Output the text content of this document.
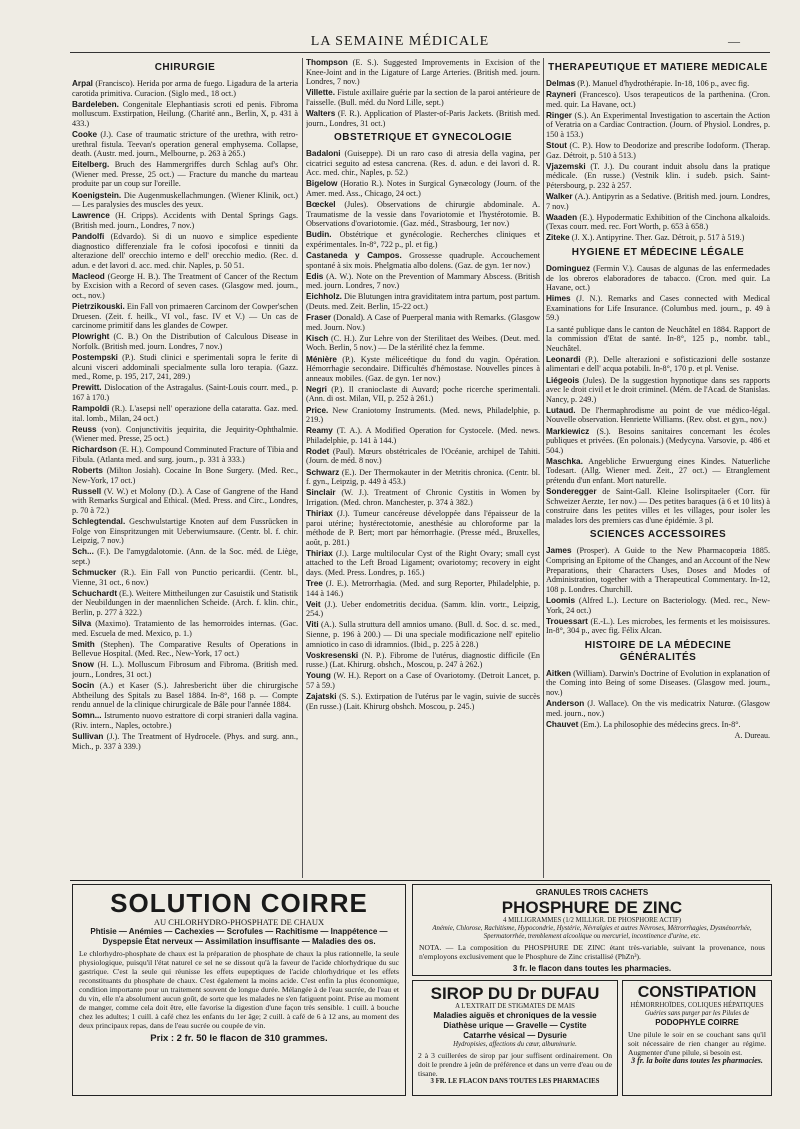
LA SEMAINE MÉDICALE	—
CHIRURGIE
Arpal (Francisco). Herida por arma de fuego. Ligadura de la arteria carotida primitiva. Curacion. (Siglo med., 18 oct.)
Bardeleben. Congenitale Elephantiasis scroti ed penis. Fibroma molluscum. Exstirpation, Heilung. (Charité ann., Berlin, X, p. 431 à 433.)
Cooke (J.). Case of traumatic stricture of the urethra, with retro-urethral fistula. Teevan's operation general emphysema. Collapse, death. (Austr. med. journ., Melbourne, p. 263 à 265.)
Eitelberg. Bruch des Hammergriffes durch Schlag auf's Ohr. (Wiener med. Presse, 25 oct.) — Fracture du manche du marteau produite par un coup sur l'oreille.
Koenigstein. Die Augenmuskellachmungen. (Wiener Klinik, oct.) — Les paralysies des muscles des yeux.
Lawrence (H. Cripps). Accidents with Dental Springs Gags. (British med. journ., Londres, 7 nov.)
Pandolfi (Edvardo). Si di un nuovo e simplice espediente diagnostico differenziale fra le cofosi ipocofosi e tinniti da alterazione dell' orecchio interno e dell' orecchio medio. (Rec. d. adun. e det lavori d. acc. med. chir. Naples, p. 50 51.
Macleod (George H. B.). The Treatment of Cancer of the Rectum by Excision with a Record of seven cases. (Glasgow med. journ., oct., nov.)
Pietrzikouski. Ein Fall von primaeren Carcinom der Cowper'schen Druesen. (Zeit. f. heilk., VI vol., fasc. IV et V.) — Un cas de carcinome primitif dans les glandes de Cowper.
Plowright (C. B.) On the Distribution of Calculous Disease in Norfolk. (British med. journ. Londres, 7 nov.)
Postempski (P.). Studi clinici e sperimentali sopra le ferite di alcuni visceri addominali specialmente sulla loro terapia. (Gazz. med., Rome, p. 195, 217, 241, 289.)
Prewitt. Dislocation of the Astragalus. (Saint-Louis courr. med., p. 167 à 170.)
Rampoldi (R.). L'asepsi nell' operazione della cataratta. Gaz. med. ital. lomb., Milan, 24 oct.)
Reuss (von). Conjunctivitis jequirita, die Jequirity-Ophthalmie. (Wiener med. Presse, 25 oct.)
Richardson (E. H.). Compound Comminuted Fracture of Tibia and Fibula. (Atlanta med. and surg. journ., p. 331 à 333.)
Roberts (Milton Josiah). Cocaine In Bone Surgery. (Med. Rec., New-York, 17 oct.)
Russell (V. W.) et Molony (D.). A Case of Gangrene of the Hand with Remarks Surgical and Ethical. (Med. Press. and Circ., Londres, p. 70 à 72.)
Schlegtendal. Geschwulstartige Knoten auf dem Fussrücken in Folge von Einspritzungen mit Ueberwiumsaure. (Centr. bl. f. chir. Leipzig, 7 nov.)
Sch... (F.). De l'amygdalotomie. (Ann. de la Soc. méd. de Liège, sept.)
Schmucker (R.). Ein Fall von Punctio pericardii. (Centr. bl., Vienne, 31 oct., 6 nov.)
Schuchardt (E.). Weitere Mittheilungen zur Casuistik und Statistik der Neubildungen in der maennlichen Scheide. (Arch. f. klin. chir., Berlin, p. 277 à 322.)
Silva (Maximo). Tratamiento de las hemorroides internas. (Gac. med. Escuela de med. Mexico, p. 1.)
Smith (Stephen). The Comparative Results of Operations in Bellevue Hospital. (Med. Rec., New-York, 17 oct.)
Snow (H. L.). Molluscum Fibrosum and Fibroma. (British med. journ., Londres, 31 oct.)
Socin (A.) et Kaser (S.). Jahresbericht über die chirurgische Abtheilung des Spitals zu Basel 1884. In-8°, 168 p. — Compte rendu annuel de la clinique chirurgicale de Bâle pour l'année 1884.
Somn... Istrumento nuovo estrattore di corpi stranieri dalla vagina. (Riv. intern., Naples, octobre.)
Sullivan (J.). The Treatment of Hydrocele. (Phys. and surg. ann., Mich., p. 337 à 339.)
Thompson (E. S.). Suggested Improvements in Excision of the Knee-Joint and in the Ligature of Large Arteries. (British med. journ. Londres, 7 nov.)
Villette. Fistule axillaire guérie par la section de la paroi antérieure de l'aisselle. (Bull. méd. du Nord Lille, sept.)
Walters (F. R.). Application of Plaster-of-Paris Jackets. (British med. journ., Londres, 31 oct.)
OBSTETRIQUE ET GYNECOLOGIE
Badaloni (Guiseppe). Di un raro caso di atresia della vagina, per cicatrici seguito ad estesa cancrena. (Res. d. adun. e dei lavori d. R. Acc. med. chir., Naples, p. 52.)
Bigelow (Horatio R.). Notes in Surgical Gynæcology (Journ. of the Amer. med. Ass., Chicago, 24 oct.)
Bœckel (Jules). Observations de chirurgie abdominale. A. Traumatisme de la vessie dans l'ovariotomie et l'hystérotomie. B. Observations d'ovariotomie. (Gaz. méd., Strasbourg, 1er nov.)
Budin. Obstétrique et gynécologie. Recherches cliniques et expérimentales. In-8°, 722 p., pl. et fig.)
Castaneda y Campos. Grossesse quadruple. Accouchement spontané à six mois. Phelgmatia albo dolens. (Gaz. de gyn. 1er nov.)
Edis (A. W.). Note on the Prevention of Mammary Abscess. (British med. journ. Londres, 7 nov.)
Eichholz. Die Blutungen intra graviditatem intra partum, post partum. (Deuts. med. Zeit. Berlin, 15-22 oct.)
Fraser (Donald). A Case of Puerperal mania with Remarks. (Glasgow med. Journ. Nov.)
Kisch (C. H.). Zur Lehre von der Sterilitaet des Weibes. (Deut. med. Woch. Berlin, 5 nov.) — De la stérilité chez la femme.
Ménière (P.). Kyste méliceétique du fond du vagin. Opération. Hémorrhagie secondaire. Difficultés d'hémostase. Nouvelles pinces à anneaux mobiles. (Gaz. de gyn. 1er nov.)
Negri (P.). Il cranioclaste di Auvard; poche ricerche sperimentali. (Ann. di ost. Milan, VII, p. 252 à 261.)
Price. New Craniotomy Instruments. (Med. news, Philadelphie, p. 219.)
Reamy (T. A.). A Modified Operation for Cystocele. (Med. news. Philadelphie, p. 141 à 144.)
Rodet (Paul). Mœurs obstétricales de l'Océanie, archipel de Tahiti. (Journ. de méd. 8 nov.)
Schwarz (E.). Der Thermokauter in der Metritis chronica. (Centr. bl. f. gyn., Leipzig, p. 449 à 453.)
Sinclair (W. J.). Treatment of Chronic Cystitis in Women by Irrigation. (Med. chron. Manchester, p. 374 à 382.)
Thiriax (J.). Tumeur cancéreuse développée dans l'épaisseur de la paroi utérine; hystérectotomie, anesthésie au chloroforme par la méthode de P. Bert; mort par hémorrhagie. (Presse méd., Bruxelles, août, p. 281.)
Thiriax (J.). Large multilocular Cyst of the Right Ovary; small cyst attached to the Left Broad Ligament; ovariotomy; recovery in eight days. (Med. Press. Londres, p. 165.)
Tree (J. E.). Metrorrhagia. (Med. and surg Reporter, Philadelphie, p. 144 à 146.)
Veit (J.). Ueber endometritis decidua. (Samm. klin. vortr., Leipzig, 254.)
Viti (A.). Sulla struttura dell amnios umano. (Bull. d. Soc. d. sc. med., Sienne, p. 196 à 200.) — Di una speciale modificazione nell' epitelio amniotico in caso di idramnios. (Ibid., p. 225 à 228.)
Voskresenski (N. P.). Fibrome de l'utérus, diagnostic difficile (En russe.) (Lat. Khirurg. obshch., Moscou, p. 247 à 262.)
Young (W. H.). Report on a Case of Ovariotomy. (Detroit Lancet, p. 57 à 59.)
Zajatski (S. S.). Extirpation de l'utérus par le vagin, suivie de succès (En russe.) (Lait. Khirurg obshch. Moscou, p. 245.)
THERAPEUTIQUE ET MATIERE MEDICALE
Delmas (P.). Manuel d'hydrothérapie. In-18, 106 p., avec fig.
Rayneri (Francesco). Usos terapeuticos de la parthenina. (Cron. med. quir. La Havane, oct.)
Ringer (S.). An Experimental Investigation to ascertain the Action of Veratria on a Cardiac Contraction. (Journ. of Physiol. Londres, p. 150 à 153.)
Stout (C. P.). How to Deodorize and prescribe Iodoform. (Therap. Gaz. Détroit, p. 510 à 513.)
Vjazemski (T. J.). Du courant induit absolu dans la pratique médicale. (En russe.) (Vestnik klin. i sudeb. psich. Saint-Pétersbourg, p. 232 à 257.
Walker (A.). Antipyrin as a Sedative. (British med. journ. Londres, 7 nov.)
Waaden (E.). Hypodermatic Exhibition of the Cinchona alkaloids. (Texas courr. med. rec. Fort Worth, p. 653 à 658.)
Ziteke (J. X.). Antipyrine. Ther. Gaz. Détroit, p. 517 à 519.)
HYGIENE ET MÉDECINE LÉGALE
Dominguez (Fermin V.). Causas de algunas de las enfermedades de los obreros elaboradores de tabacco. (Cron. med quir. La Havane, oct.)
Himes (J. N.). Remarks and Cases connected with Medical Examinations for Life Insurance. (Columbus med. journ., p. 49 à 59.)
La santé publique dans le canton de Neuchâtel en 1884. Rapport de la commission d'Etat de santé. In-8°, 125 p., nombr. tabl., Neuchâtel.
Leonardi (P.). Delle alterazioni e sofisticazioni delle sostanze alimentari e dell' acqua potabili. In-8°, 170 p. et pl. Venise.
Liégeois (Jules). De la suggestion hypnotique dans ses rapports avec le droit civil et le droit criminel. (Mém. de l'Acad. de Stanislas. Nancy, p. 249.)
Lutaud. De l'hermaphrodisme au point de vue médico-légal. Nouvelle observation. Henriette Williams. (Rev. obst. et gyn., nov.)
Markiewicz (S.). Besoins sanitaires concernant les écoles publiques et privées. (En polonais.) (Medycyna. Varsovie, p. 486 et 504.)
Maschka. Angebliche Erwuergung eines Kindes. Natuerliche Todesart. (Allg. Wiener med. Zeit., 27 oct.) — Etranglement prétendu d'un enfant. Mort naturelle.
Sonderegger de Saint-Gall. Kleine Isolirspitaeler (Corr. für Schweizer Aerzte, 1er nov.) — Des petites baraques (à 6 et 10 lits) à construire dans les petites villes et les villages, pour isoler les malades lors des premiers cas d'une épidémie. 3 pl.
SCIENCES ACCESSOIRES
James (Prosper). A Guide to the New Pharmacopœia 1885. Comprising an Epitome of the Changes, and an Account of the New Preparations, their Characters Uses, Doses and Modes of Administration, together with a Therapeutical Commentary. In-12, 108 p. Londres. Churchill.
Loomis (Alfred L.). Lecture on Bacteriology. (Med. rec., New-York, 24 oct.)
Trouessart (E.-L.). Les microbes, les ferments et les moisissures. In-8°, 304 p., avec fig. Félix Alcan.
HISTOIRE DE LA MÉDECINE GÉNÉRALITÉS
Aitken (William). Darwin's Doctrine of Evolution in explanation of the Coming into Being of some Diseases. (Glasgow med. journ., nov.)
Anderson (J. Wallace). On the vis medicatrix Naturœ. (Glasgow med. journ., nov.)
Chauvet (Em.). La philosophie des médecins grecs. In-8°.
A. Dureau.
SOLUTION COIRRE
AU CHLORHYDRO-PHOSPHATE DE CHAUX
Phtisie — Anémies — Cachexies — Scrofules — Rachitisme — Inappétence — Dyspepsie État nerveux — Assimilation insuffisante — Maladies des os.
Le chlorhydro-phosphate de chaux est la préparation de phosphate de chaux la plus rationnelle, la seule physiologique, puisqu'il l'état naturel ce sel ne se dissout qu'à la faveur de l'acide chlorhydrique du suc gastrique. C'est la seule qui réunisse les effets eupeptiques de l'acide chlorhydrique et les effets reconstituants du phosphate de chaux. C'est également la moins acide. C'est enfin la plus économique, condition importante pour un traitement souvent de longue durée. Mélangée à de l'eau sucrée, de l'eau et du vin, elle n'a absolument aucun goût, de sorte que les malades ne s'en fatiguent point. Prise au moment de manger, comme cela doit être, elle favorise la digestion d'une façon très sensible. 1 cuill. à bouche chez les adultes; 1 cuill. à café chez les enfants du 1er âge; 2 cuill. à café de 6 à 12 ans, au moment des deux principaux repas, dans de l'eau sucrée ou coupée de vin.
Prix : 2 fr. 50 le flacon de 310 grammes.
GRANULES TROIS CACHETS
PHOSPHURE DE ZINC
4 MILLIGRAMMES (1/2 MILLIGR. DE PHOSPHORE ACTIF)
Anémie, Chlorose, Rachitisme, Hypocondrie, Hystérie, Névralgies et autres Névroses, Métrorrhagies, Dysménorrhée, Spermatorrhée, tremblement alcoolique ou mercuriel, incontinence d'urine, etc.
NOTA. — La composition du PHOSPHURE DE ZINC étant très-variable, suivant la provenance, nous n'employons exclusivement que le Phosphure de Zinc cristallisé (PhZn³).
3 fr. le flacon dans toutes les pharmacies.
SIROP DU Dr DUFAU
A L'EXTRAIT DE STIGMATES DE MAIS
Maladies aiguës et chroniques de la vessie
Diathèse urique — Gravelle — Cystite
Catarrhe vésical — Dysurie
Hydropisies, affections du cœur, albuminurie.
2 à 3 cuillerées de sirop par jour suffisent ordinairement. On doit le prendre à jeûn de préférence et dans un verre d'eau ou de tisane.
3 FR. LE FLACON DANS TOUTES LES PHARMACIES
CONSTIPATION
HÉMORRHOÏDES, COLIQUES HÉPATIQUES
Guéries sans purger par les Pilules de
PODOPHYLE COIRRE
Une pilule le soir en se couchant sans qu'il soit nécessaire de rien changer au régime. Augmenter d'une pilule, si besoin est.
3 fr. la boîte dans toutes les pharmacies.
